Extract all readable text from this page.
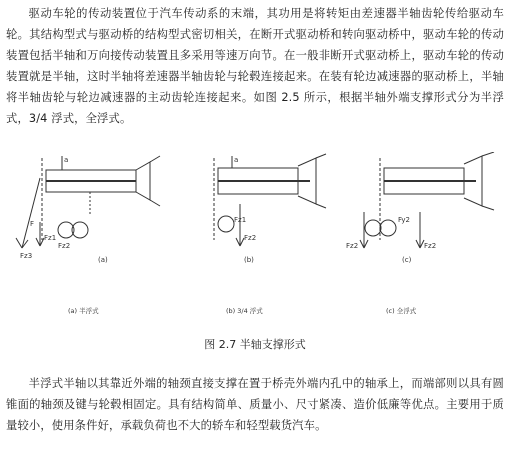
驱动车轮的传动装置位于汽车传动系的末端，其功用是将转矩由差速器半轴齿轮传给驱动车轮。其结构型式与驱动桥的结构型式密切相关，在断开式驱动桥和转向驱动桥中，驱动车轮的传动装置包括半轴和万向接传动装置且多采用等速万向节。在一般非断开式驱动桥上，驱动车轮的传动装置就是半轴，这时半轴将差速器半轴齿轮与轮毂连接起来。在装有轮边减速器的驱动桥上，半轴将半轴齿轮与轮边减速器的主动齿轮连接起来。如图 2.5 所示，根据半轴外端支撑形式分为半浮式，3/4 浮式，全浮式。

a
F
Fz1
Fz2
Fz3	(a)
a
Fz1
Fz2
(b)
Fy2
Fz2	Fz2
(c)
(a) 半浮式	(b) 3/4 浮式	(c) 全浮式
图 2.7 半轴支撑形式

半浮式半轴以其靠近外端的轴颈直接支撑在置于桥壳外端内孔中的轴承上，而端部则以具有圆锥面的轴颈及键与轮毂相固定。具有结构简单、质量小、尺寸紧凑、造价低廉等优点。主要用于质量较小，使用条件好，承载负荷也不大的轿车和轻型载货汽车。
